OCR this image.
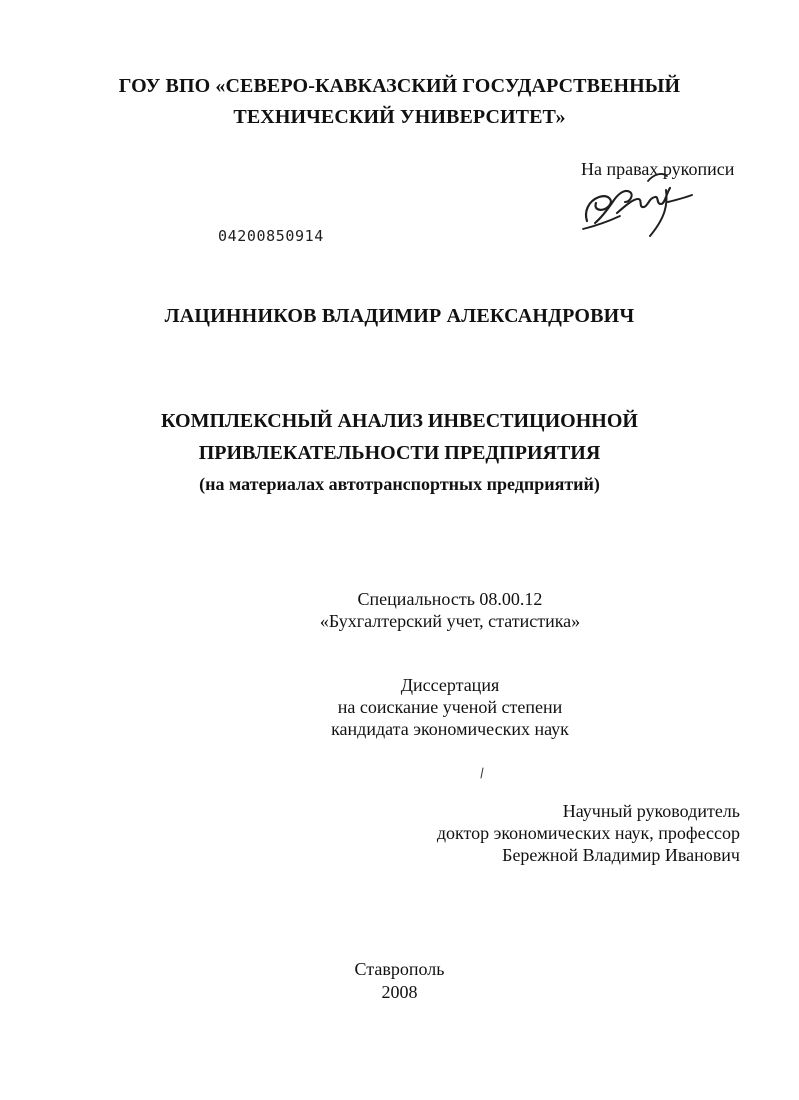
ГОУ ВПО «СЕВЕРО-КАВКАЗСКИЙ ГОСУДАРСТВЕННЫЙ
ТЕХНИЧЕСКИЙ УНИВЕРСИТЕТ»
На правах рукописи
04200850914
ЛАЦИННИКОВ ВЛАДИМИР АЛЕКСАНДРОВИЧ
КОМПЛЕКСНЫЙ АНАЛИЗ ИНВЕСТИЦИОННОЙ
ПРИВЛЕКАТЕЛЬНОСТИ ПРЕДПРИЯТИЯ
(на материалах автотранспортных предприятий)
Специальность 08.00.12
«Бухгалтерский учет, статистика»
Диссертация
на соискание ученой степени
кандидата экономических наук
Научный руководитель
доктор экономических наук, профессор
Бережной Владимир Иванович
Ставрополь
2008
